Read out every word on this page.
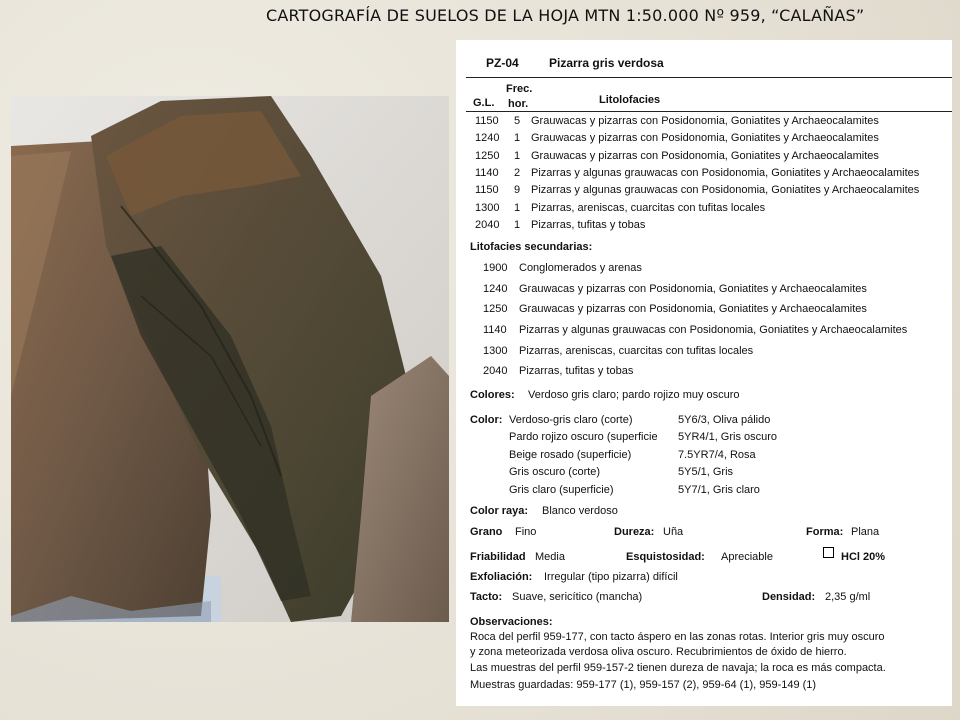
CARTOGRAFÍA DE SUELOS DE LA HOJA MTN 1:50.000 Nº 959, “CALAÑAS”
PZ-04	Pizarra gris verdosa
G.L.
Frec.
hor.	Litolofacies
1150 5 Grauwacas y pizarras con Posidonomia, Goniatites y Archaeocalamites
1240 1 Grauwacas y pizarras con Posidonomia, Goniatites y Archaeocalamites
1250 1 Grauwacas y pizarras con Posidonomia, Goniatites y Archaeocalamites
1140 2 Pizarras y algunas grauwacas con Posidonomia, Goniatites y Archaeocalamites
1150 9 Pizarras y algunas grauwacas con Posidonomia, Goniatites y Archaeocalamites
1300 1 Pizarras, areniscas, cuarcitas con tufitas locales
2040 1 Pizarras, tufitas y tobas
Litofacies secundarias:
1900 Conglomerados y arenas
1240 Grauwacas y pizarras con Posidonomia, Goniatites y Archaeocalamites
1250 Grauwacas y pizarras con Posidonomia, Goniatites y Archaeocalamites
1140 Pizarras y algunas grauwacas con Posidonomia, Goniatites y Archaeocalamites
1300 Pizarras, areniscas, cuarcitas con tufitas locales
2040 Pizarras, tufitas y tobas
Colores: Verdoso gris claro; pardo rojizo muy oscuro
Color: Verdoso-gris claro (corte)	5Y6/3, Oliva pálido
Pardo rojizo oscuro (superficie 5YR4/1, Gris oscuro
Beige rosado (superficie)	7.5YR7/4, Rosa
Gris oscuro (corte)	5Y5/1, Gris
Gris claro (superficie)	5Y7/1, Gris claro
Color raya: Blanco verdoso
Grano Fino	Dureza: Uña	Forma: Plana
Friabilidad Media	Esquistosidad: Apreciable	HCl 20%
Exfoliación: Irregular (tipo pizarra) difícil
Tacto: Suave, sericítico (mancha)	Densidad: 2,35 g/ml
Observaciones:
Roca del perfil 959-177, con tacto áspero en las zonas rotas. Interior gris muy oscuro
y zona meteorizada verdosa oliva oscuro. Recubrimientos de óxido de hierro.
Las muestras del perfil 959-157-2 tienen dureza de navaja; la roca es más compacta.
Muestras guardadas: 959-177 (1), 959-157 (2), 959-64 (1), 959-149 (1)
